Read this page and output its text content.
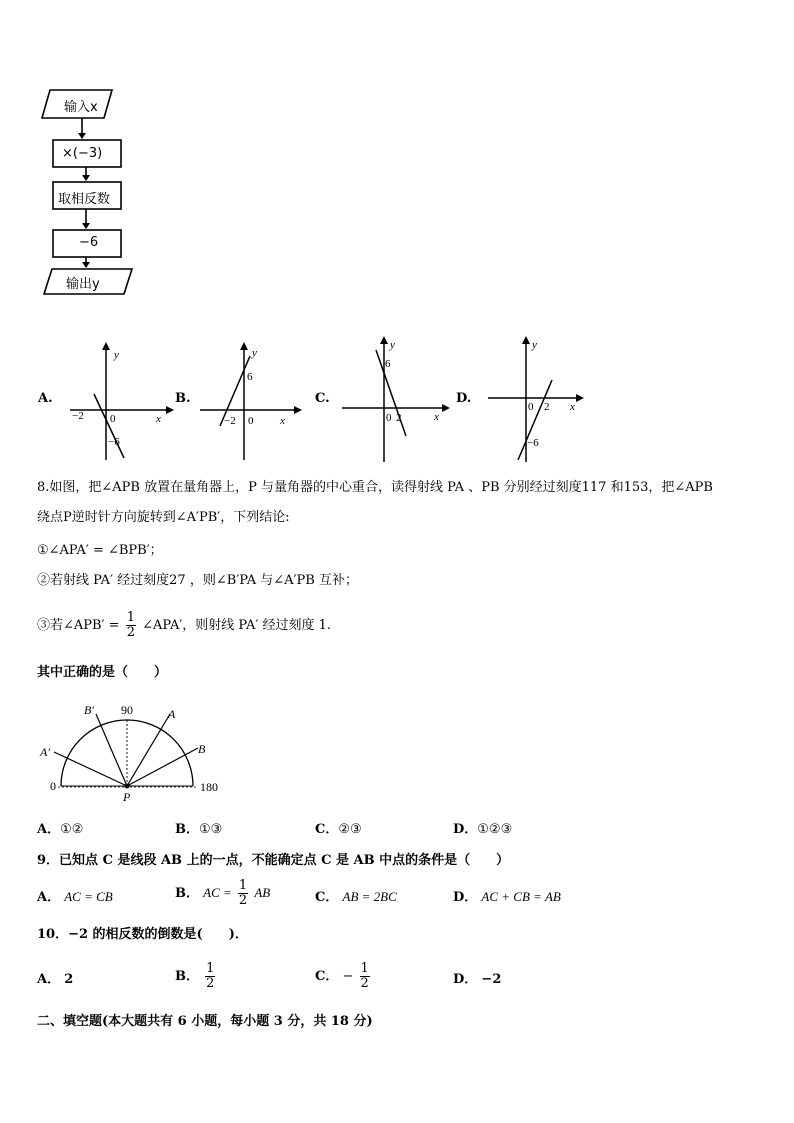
输入x
×(−3)
取相反数
−6
输出y
A.
y
x
0
−2
−6
B.
y
x
0
−2
6
C.
y
x
0 2
6
D.
y
x
0 2
−6
8.如图，把∠APB 放置在量角器上，P 与量角器的中心重合，读得射线 PA 、PB 分别经过刻度117 和153，把∠APB
绕点P逆时针方向旋转到∠A′PB′，下列结论:
①∠APA′ = ∠BPB′；
②若射线 PA′ 经过刻度27 ，则∠B′PA 与∠A′PB 互补；
③若∠APB′ = $\frac{1}{2}$ ∠APA′，则射线 PA′ 经过刻度 1.
其中正确的是（　　）
90
0	180
P
A
B
A′
B′
A．①②	B．①③	C．②③	D．①②③
9．已知点 C 是线段 AB 上的一点，不能确定点 C 是 AB 中点的条件是（　　）
A． AC = CB	B． AC = $\frac{1}{2}$ AB	C． AB = 2BC	D． AC + CB = AB
10．−2 的相反数的倒数是(　　)．
A． 2	B． $\frac{1}{2}$	C． − $\frac{1}{2}$	D． −2
二、填空题(本大题共有 6 小题，每小题 3 分，共 18 分)
